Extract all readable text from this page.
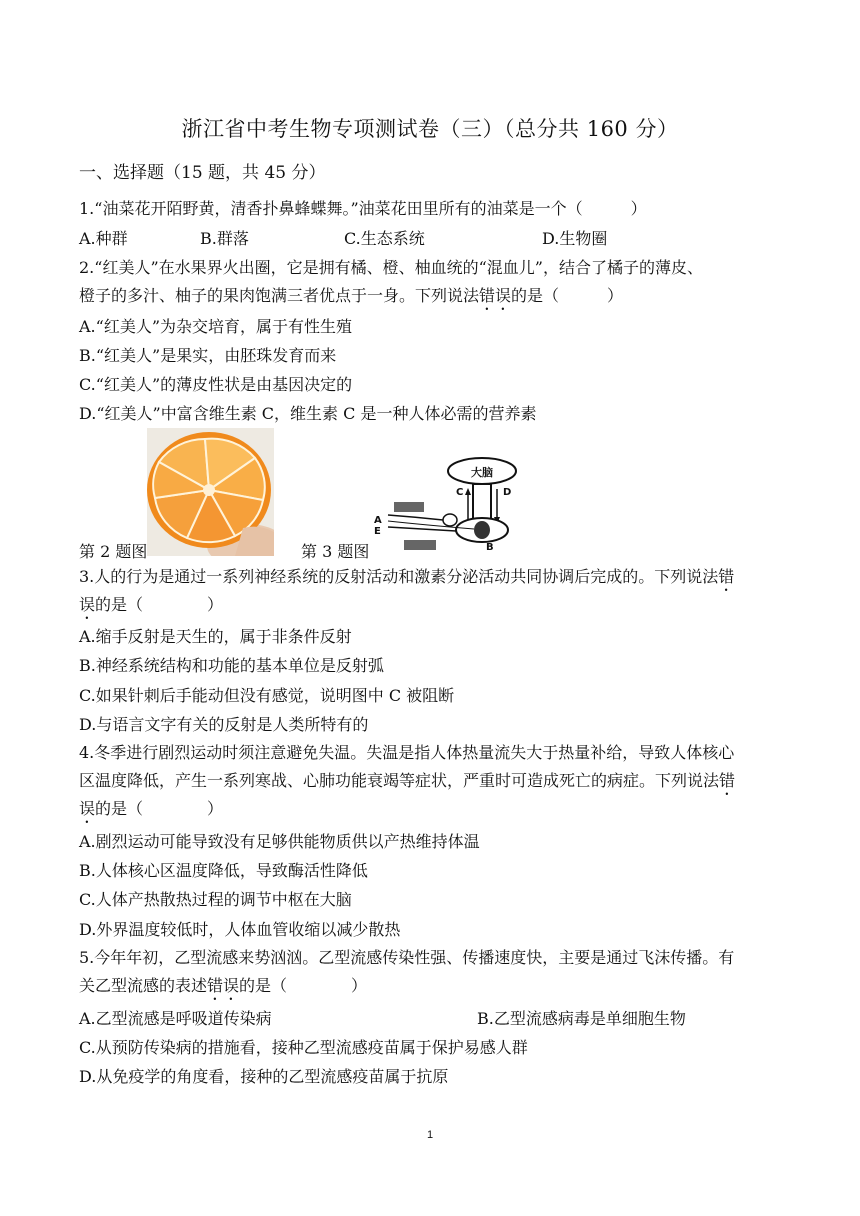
浙江省中考生物专项测试卷（三）（总分共 160 分）
一、选择题（15 题，共 45 分）
1.“油菜花开陌野黄，清香扑鼻蜂蝶舞。”油菜花田里所有的油菜是一个（　　　）
A.种群	B.群落	C.生态系统	D.生物圈
2.“红美人”在水果界火出圈，它是拥有橘、橙、柚血统的“混血儿”，结合了橘子的薄皮、
橙子的多汁、柚子的果肉饱满三者优点于一身。下列说法错误的是（　　　）
A.“红美人”为杂交培育，属于有性生殖
B.“红美人”是果实，由胚珠发育而来
C.“红美人”的薄皮性状是由基因决定的
D.“红美人”中富含维生素 C，维生素 C 是一种人体必需的营养素
第 2 题图
大脑
C	D
B
A
E
第 3 题图
3.人的行为是通过一系列神经系统的反射活动和激素分泌活动共同协调后完成的。下列说法错
误的是（　　　　）
A.缩手反射是天生的，属于非条件反射
B.神经系统结构和功能的基本单位是反射弧
C.如果针刺后手能动但没有感觉，说明图中 C 被阻断
D.与语言文字有关的反射是人类所特有的
4.冬季进行剧烈运动时须注意避免失温。失温是指人体热量流失大于热量补给，导致人体核心
区温度降低，产生一系列寒战、心肺功能衰竭等症状，严重时可造成死亡的病症。下列说法错
误的是（　　　　）
A.剧烈运动可能导致没有足够供能物质供以产热维持体温
B.人体核心区温度降低，导致酶活性降低
C.人体产热散热过程的调节中枢在大脑
D.外界温度较低时，人体血管收缩以减少散热
5.今年年初，乙型流感来势汹汹。乙型流感传染性强、传播速度快，主要是通过飞沫传播。有
关乙型流感的表述错误的是（　　　　）
A.乙型流感是呼吸道传染病	B.乙型流感病毒是单细胞生物
C.从预防传染病的措施看，接种乙型流感疫苗属于保护易感人群
D.从免疫学的角度看，接种的乙型流感疫苗属于抗原
1
